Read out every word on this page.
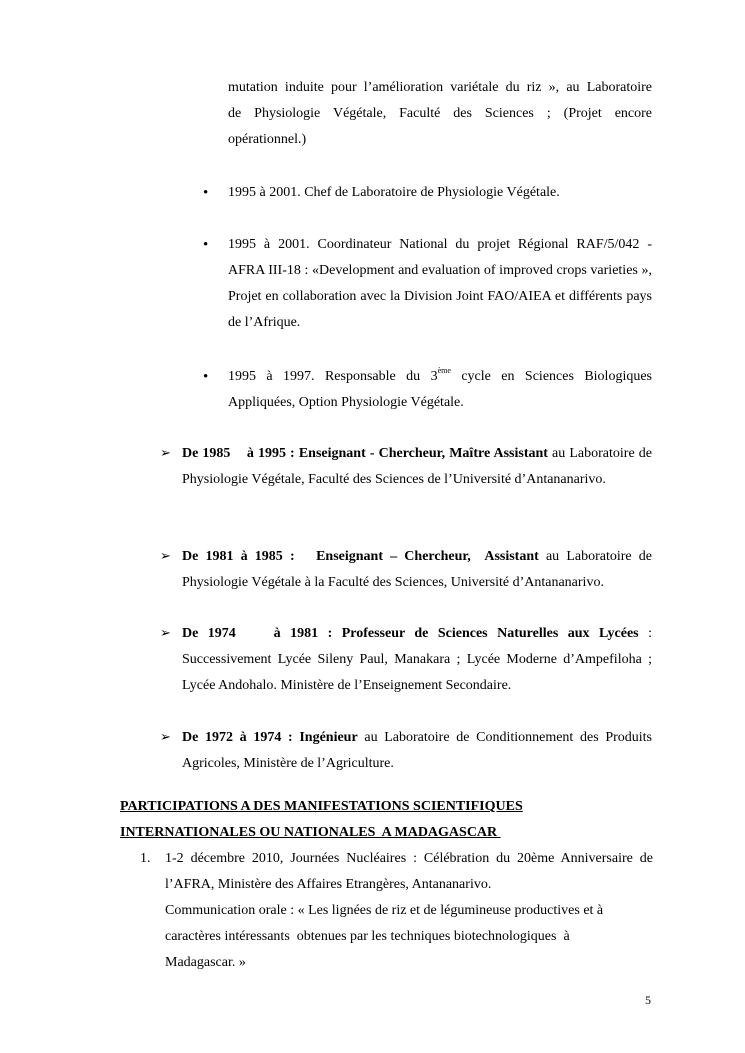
mutation induite pour l’amélioration variétale du riz », au Laboratoire
de Physiologie Végétale, Faculté des Sciences ; (Projet encore
opérationnel.)
•	1995 à 2001. Chef de Laboratoire de Physiologie Végétale.
•	1995 à 2001. Coordinateur National du projet Régional RAF/5/042 - AFRA III-18 : «Development and evaluation of improved crops varieties », Projet en collaboration avec la Division Joint FAO/AIEA et différents pays de l’Afrique.
•	1995 à 1997. Responsable du 3ème cycle en Sciences Biologiques Appliquées, Option Physiologie Végétale.
➢ De 1985    à 1995 : Enseignant - Chercheur, Maître Assistant au Laboratoire de Physiologie Végétale, Faculté des Sciences de l’Université d’Antananarivo.
➢ De 1981 à 1985 :   Enseignant – Chercheur,  Assistant au Laboratoire de Physiologie Végétale à la Faculté des Sciences, Université d’Antananarivo.
➢ De 1974    à 1981 : Professeur de Sciences Naturelles aux Lycées : Successivement Lycée Sileny Paul, Manakara ; Lycée Moderne d’Ampefiloha ; Lycée Andohalo. Ministère de l’Enseignement Secondaire.
➢ De 1972 à 1974 : Ingénieur au Laboratoire de Conditionnement des Produits Agricoles, Ministère de l’Agriculture.
PARTICIPATIONS A DES MANIFESTATIONS SCIENTIFIQUES
INTERNATIONALES OU NATIONALES  A MADAGASCAR
1. 1-2 décembre 2010, Journées Nucléaires : Célébration du 20ème Anniversaire de l’AFRA, Ministère des Affaires Etrangères, Antananarivo.
Communication orale : « Les lignées de riz et de légumineuse productives et à
caractères intéressants  obtenues par les techniques biotechnologiques  à
Madagascar. »
5
